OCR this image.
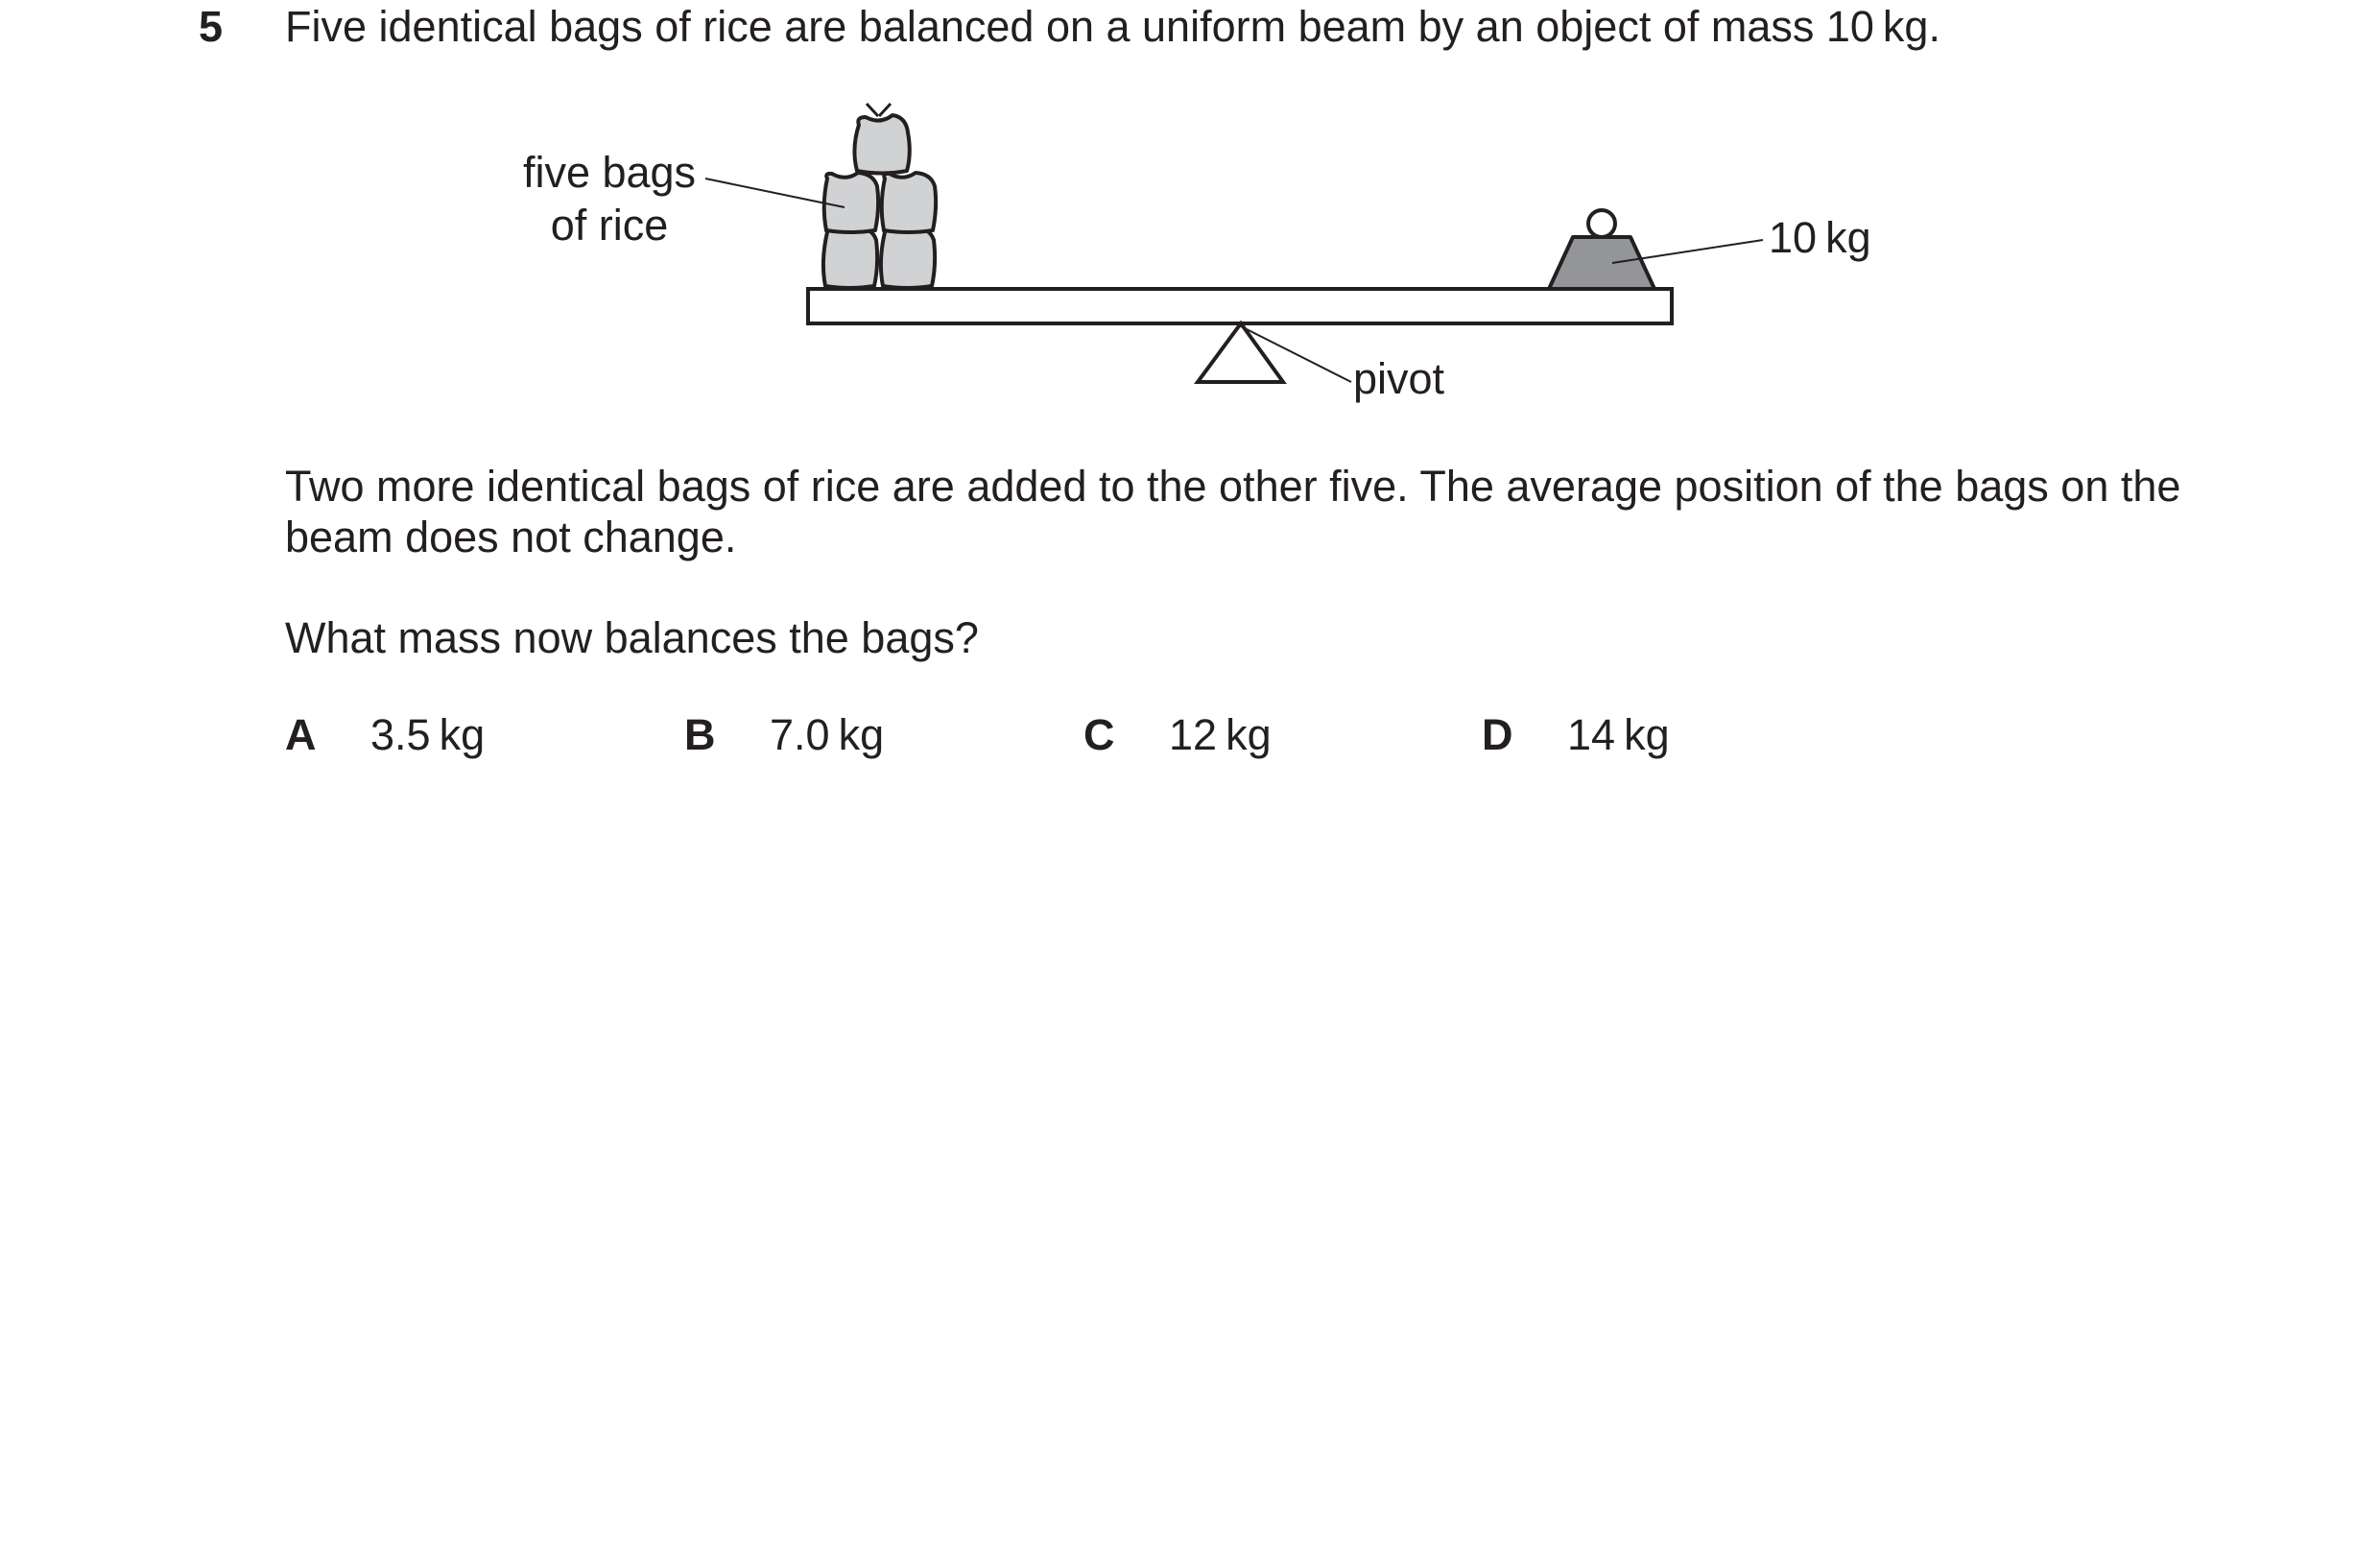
5 Five identical bags of rice are balanced on a uniform beam by an object of mass 10 kg.
five bags
of rice	10 kg
pivot
Two more identical bags of rice are added to the other five. The average position of the bags on the beam does not change.
What mass now balances the bags?
A 3.5 kg	B 7.0 kg	C 12 kg	D 14 kg
